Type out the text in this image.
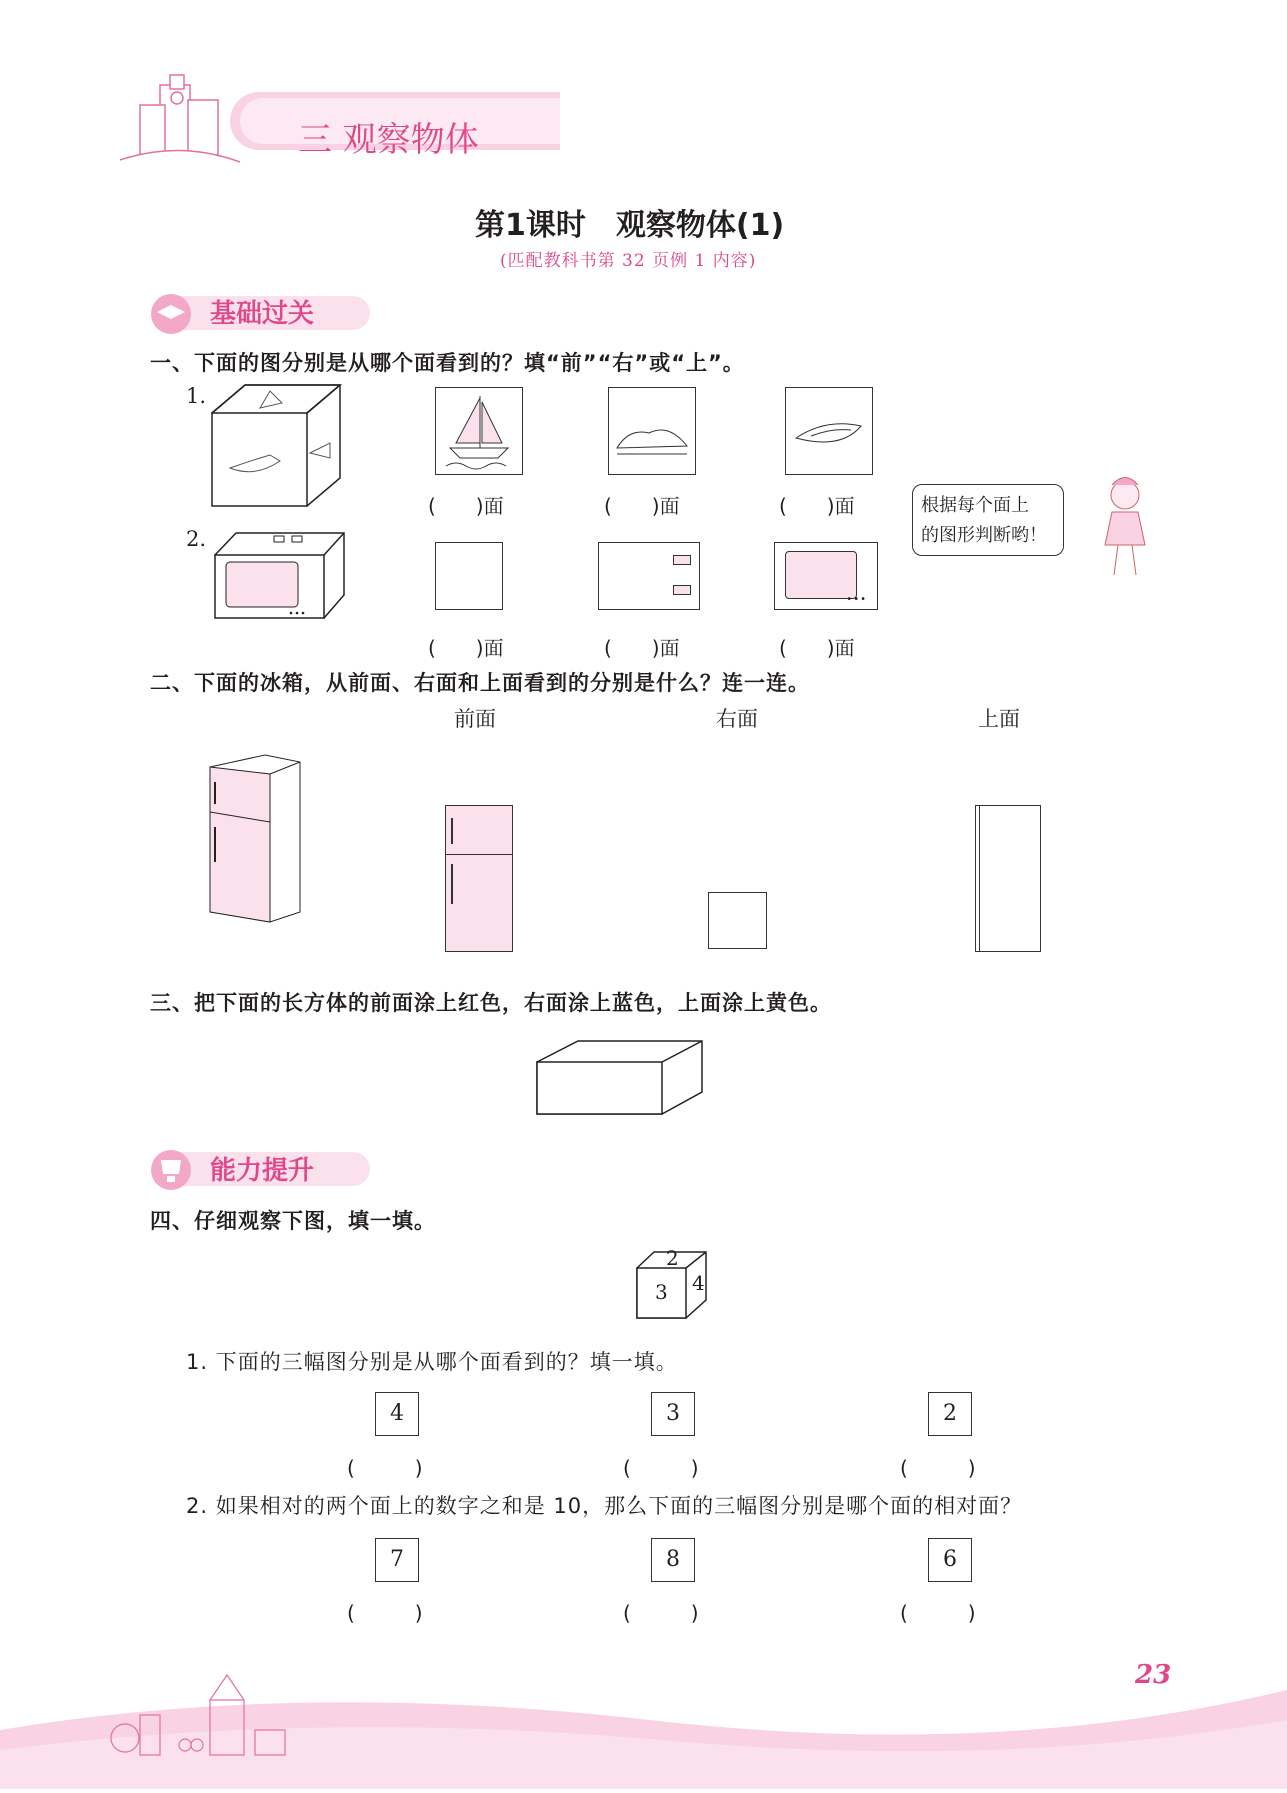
三 观察物体
第1课时　观察物体(1)
(匹配教科书第 32 页例 1 内容)
基础过关
一、下面的图分别是从哪个面看到的？填“前”“右”或“上”。
1.
(　　)面	(　　)面	(　　)面	根据每个面上
的图形判断哟！
2.
•••
(　　)面	(　　)面	(　　)面
二、下面的冰箱，从前面、右面和上面看到的分别是什么？连一连。
前面	右面	上面
三、把下面的长方体的前面涂上红色，右面涂上蓝色，上面涂上黄色。
能力提升
四、仔细观察下图，填一填。
2
3 4
1. 下面的三幅图分别是从哪个面看到的？填一填。
4	3	2
(　　　)	(　　　)	(　　　)
2. 如果相对的两个面上的数字之和是 10，那么下面的三幅图分别是哪个面的相对面？
7	8	6
(　　　)	(　　　)	(　　　)
23
